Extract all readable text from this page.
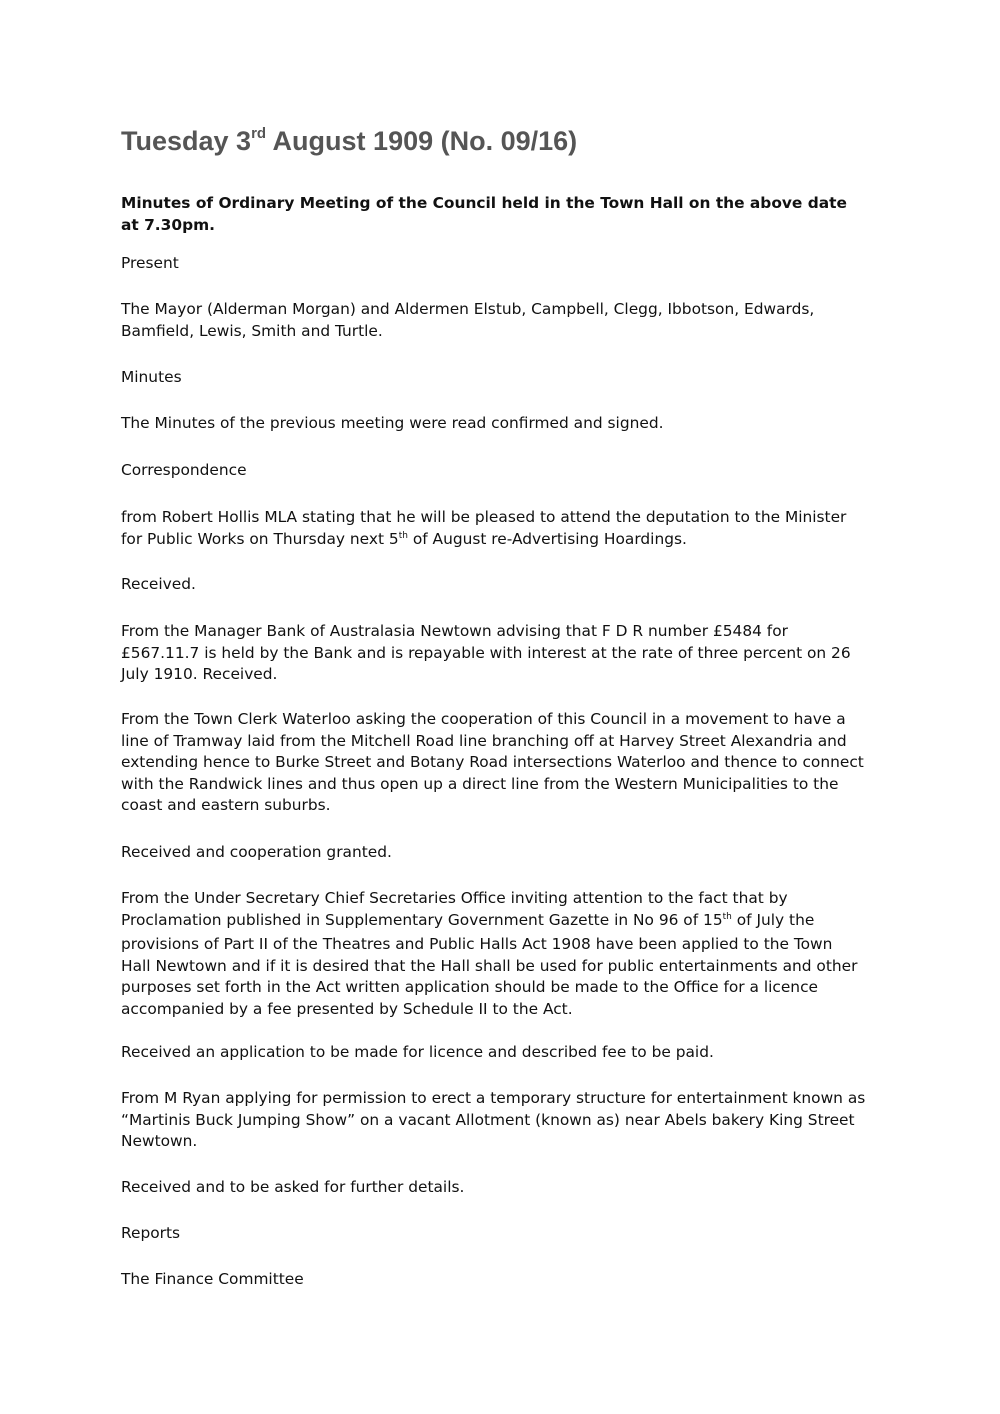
Tuesday 3rd August 1909 (No. 09/16)

Minutes of Ordinary Meeting of the Council held in the Town Hall on the above date
at 7.30pm.

Present

The Mayor (Alderman Morgan) and Aldermen Elstub, Campbell, Clegg, Ibbotson, Edwards,
Bamfield, Lewis, Smith and Turtle.

Minutes

The Minutes of the previous meeting were read confirmed and signed.

Correspondence

from Robert Hollis MLA stating that he will be pleased to attend the deputation to the Minister
for Public Works on Thursday next 5th of August re-Advertising Hoardings.

Received.

From the Manager Bank of Australasia Newtown advising that F D R number £5484 for
£567.11.7 is held by the Bank and is repayable with interest at the rate of three percent on 26
July 1910. Received.

From the Town Clerk Waterloo asking the cooperation of this Council in a movement to have a
line of Tramway laid from the Mitchell Road line branching off at Harvey Street Alexandria and
extending hence to Burke Street and Botany Road intersections Waterloo and thence to connect
with the Randwick lines and thus open up a direct line from the Western Municipalities to the
coast and eastern suburbs.

Received and cooperation granted.

From the Under Secretary Chief Secretaries Office inviting attention to the fact that by
Proclamation published in Supplementary Government Gazette in No 96 of 15th of July the
provisions of Part II of the Theatres and Public Halls Act 1908 have been applied to the Town
Hall Newtown and if it is desired that the Hall shall be used for public entertainments and other
purposes set forth in the Act written application should be made to the Office for a licence
accompanied by a fee presented by Schedule II to the Act.

Received an application to be made for licence and described fee to be paid.

From M Ryan applying for permission to erect a temporary structure for entertainment known as
“Martinis Buck Jumping Show” on a vacant Allotment (known as) near Abels bakery King Street
Newtown.

Received and to be asked for further details.

Reports

The Finance Committee
